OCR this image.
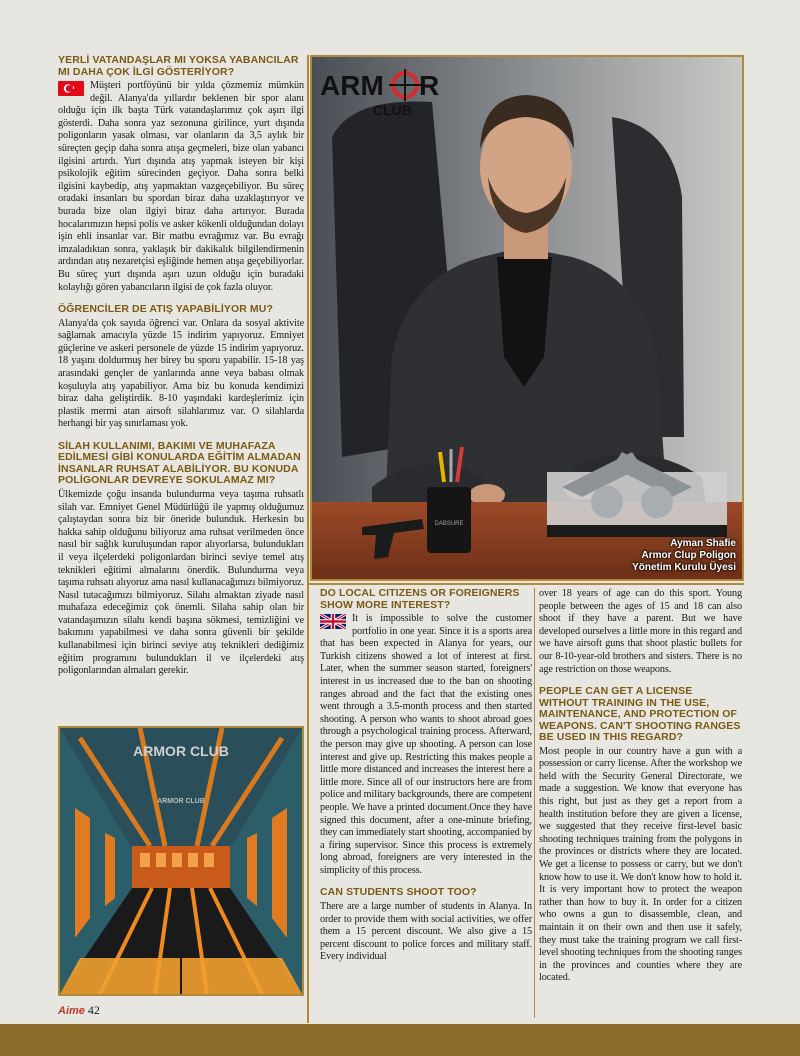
YERLİ VATANDAŞLAR MI YOKSA YABANCILAR MI DAHA ÇOK İLGİ GÖSTERİYOR?

Müşteri portföyünü bir yılda çözmemiz mümkün değil. Alanya'da yıllardır beklenen bir spor alanı olduğu için ilk başta Türk vatandaşlarımız çok aşırı ilgi gösterdi. Daha sonra yaz sezonuna girilince, yurt dışında poligonların yasak olması, var olanların da 3,5 aylık bir süreçten geçip daha sonra atışa geçmeleri, bize olan yabancı ilgisini artırdı. Yurt dışında atış yapmak isteyen bir kişi psikolojik eğitim sürecinden geçiyor. Daha sonra belki ilgisini kaybedip, atış yapmaktan vazgeçebiliyor. Bu süreç oradaki insanları bu spordan biraz daha uzaklaştırıyor ve burada bize olan ilgiyi biraz daha artırıyor. Burada hocalarımızın hepsi polis ve asker kökenli olduğundan dolayı işin ehli insanlar var. Bir matbu evrağımız var. Bu evrağı imzaladıktan sonra, yaklaşık bir dakikalık bilgilendirmenin ardından atış nezaretçisi eşliğinde hemen atışa geçebiliyorlar. Bu süreç yurt dışında aşırı uzun olduğu için buradaki kolaylığı gören yabancıların ilgisi de çok fazla oluyor.

ÖĞRENCİLER DE ATIŞ YAPABİLİYOR MU?

Alanya'da çok sayıda öğrenci var. Onlara da sosyal aktivite sağlamak amacıyla yüzde 15 indirim yapıyoruz. Emniyet güçlerine ve askeri personele de yüzde 15 indirim yapıyoruz. 18 yaşını doldurmuş her birey bu sporu yapabilir. 15-18 yaş arasındaki gençler de yanlarında anne veya babası olmak koşuluyla atış yapabiliyor. Ama biz bu konuda kendimizi biraz daha geliştirdik. 8-10 yaşındaki kardeşlerimiz için plastik mermi atan airsoft silahlarımız var. O silahlarda herhangi bir yaş sınırlaması yok.

SİLAH KULLANIMI, BAKIMI VE MUHAFAZA EDİLMESİ GİBİ KONULARDA EĞİTİM ALMADAN İNSANLAR RUHSAT ALABİLİYOR. BU KONUDA POLİGONLAR DEVREYE SOKULAMAZ MI?

Ülkemizde çoğu insanda bulundurma veya taşıma ruhsatlı silah var. Emniyet Genel Müdürlüğü ile yapmış olduğumuz çalıştaydan sonra biz bir öneride bulunduk. Herkesin bu hakka sahip olduğunu biliyoruz ama ruhsat verilmeden önce nasıl bir sağlık kuruluşundan rapor alıyorlarsa, bulundukları il veya ilçelerdeki poligonlardan birinci seviye temel atış teknikleri eğitimi almalarını önerdik. Bulundurma veya taşıma ruhsatı alıyoruz ama nasıl kullanacağımızı bilmiyoruz. Nasıl tutacağımızı bilmiyoruz. Silahı almaktan ziyade nasıl muhafaza edeceğimiz çok önemli. Silaha sahip olan bir vatandaşımızın silahı kendi başına sökmesi, temizliğini ve bakımını yapabilmesi ve daha sonra güvenli bir şekilde kullanabilmesi için birinci seviye atış teknikleri dediğimiz eğitim programını bulundukları il ve ilçelerdeki atış poligonlarından almaları gerekir.

DABSURE
ARM R
CLUB
Ayman Shafie
Armor Clup Poligon
Yönetim Kurulu Üyesi
ARMOR CLUB
ARMOR CLUB
DO LOCAL CITIZENS OR FOREIGNERS SHOW MORE INTEREST?

It is impossible to solve the customer portfolio in one year. Since it is a sports area that has been expected in Alanya for years, our Turkish citizens showed a lot of interest at first. Later, when the summer season started, foreigners' interest in us increased due to the ban on shooting ranges abroad and the fact that the existing ones went through a 3.5-month process and then started shooting. A person who wants to shoot abroad goes through a psychological training process. Afterward, the person may give up shooting. A person can lose interest and give up. Restricting this makes people a little more distanced and increases the interest here a little more. Since all of our instructors here are from police and military backgrounds, there are competent people. We have a printed document.Once they have signed this document, after a one-minute briefing, they can immediately start shooting, accompanied by a firing supervisor. Since this process is extremely long abroad, foreigners are very interested in the simplicity of this process.

CAN STUDENTS SHOOT TOO?

There are a large number of students in Alanya. In order to provide them with social activities, we offer them a 15 percent discount. We also give a 15 percent discount to police forces and military staff. Every individual

over 18 years of age can do this sport. Young people between the ages of 15 and 18 can also shoot if they have a parent. But we have developed ourselves a little more in this regard and we have airsoft guns that shoot plastic bullets for our 8-10-year-old brothers and sisters. There is no age restriction on those weapons.

PEOPLE CAN GET A LICENSE WITHOUT TRAINING IN THE USE, MAINTENANCE, AND PROTECTION OF WEAPONS. CAN'T SHOOTING RANGES BE USED IN THIS REGARD?

Most people in our country have a gun with a possession or carry license. After the workshop we held with the Security General Directorate, we made a suggestion. We know that everyone has this right, but just as they get a report from a health institution before they are given a license, we suggested that they receive first-level basic shooting techniques training from the polygons in the provinces or districts where they are located. We get a license to possess or carry, but we don't know how to use it. We don't know how to hold it. It is very important how to protect the weapon rather than how to buy it. In order for a citizen who owns a gun to disassemble, clean, and maintain it on their own and then use it safely, they must take the training program we call first-level shooting techniques from the shooting ranges in the provinces and counties where they are located.

Aime 42
